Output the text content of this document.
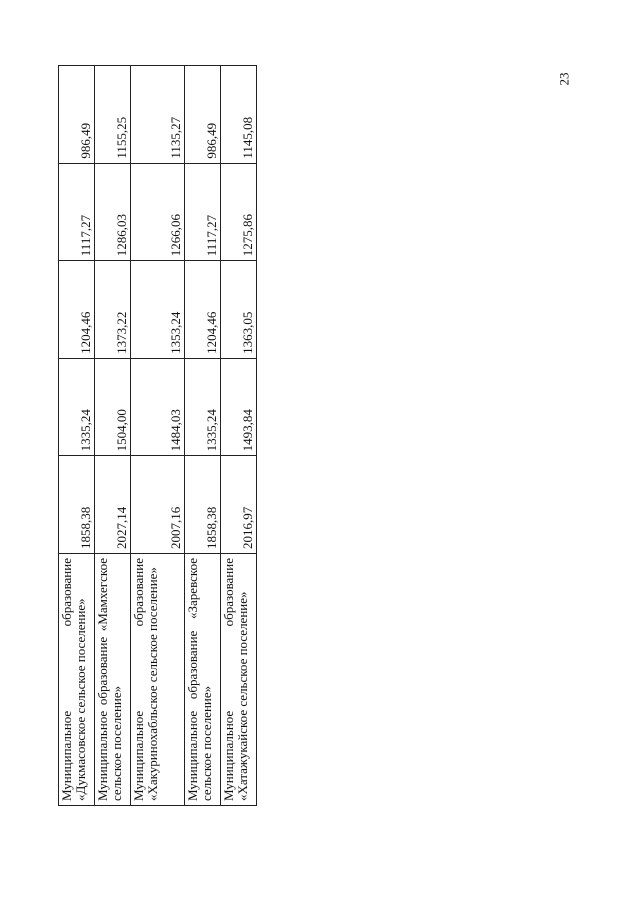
23
Муниципальное образование «Дукмасовское сельское поселение»	1858,38	1335,24	1204,46	1117,27	986,49
Муниципальное образование «Мамхегское сельское поселение»	2027,14	1504,00	1373,22	1286,03	1155,25
Муниципальное образование «Хакуринохабльское сельское поселение»	2007,16	1484,03	1353,24	1266,06	1135,27
Муниципальное образование «Заревское сельское поселение»	1858,38	1335,24	1204,46	1117,27	986,49
Муниципальное образование «Хатажукайское сельское поселение»	2016,97	1493,84	1363,05	1275,86	1145,08
